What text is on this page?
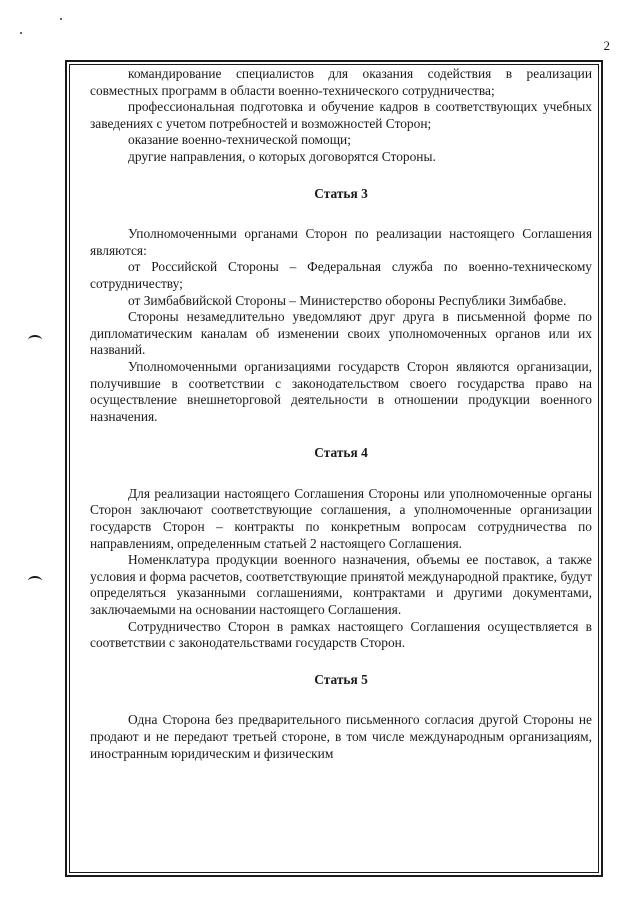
2

командирование специалистов для оказания содействия в реализации совместных программ в области военно-технического сотрудничества;

профессиональная подготовка и обучение кадров в соответствующих учебных заведениях с учетом потребностей и возможностей Сторон;

оказание военно-технической помощи;

другие направления, о которых договорятся Стороны.

Статья 3

Уполномоченными органами Сторон по реализации настоящего Соглашения являются:

от Российской Стороны – Федеральная служба по военно-техническому сотрудничеству;

от Зимбабвийской Стороны – Министерство обороны Республики Зимбабве.

Стороны незамедлительно уведомляют друг друга в письменной форме по дипломатическим каналам об изменении своих уполномоченных органов или их названий.

Уполномоченными организациями государств Сторон являются организации, получившие в соответствии с законодательством своего государства право на осуществление внешнеторговой деятельности в отношении продукции военного назначения.

Статья 4

Для реализации настоящего Соглашения Стороны или уполномоченные органы Сторон заключают соответствующие соглашения, а уполномоченные организации государств Сторон – контракты по конкретным вопросам сотрудничества по направлениям, определенным статьей 2 настоящего Соглашения.

Номенклатура продукции военного назначения, объемы ее поставок, а также условия и форма расчетов, соответствующие принятой международной практике, будут определяться указанными соглашениями, контрактами и другими документами, заключаемыми на основании настоящего Соглашения.

Сотрудничество Сторон в рамках настоящего Соглашения осуществляется в соответствии с законодательствами государств Сторон.

Статья 5

Одна Сторона без предварительного письменного согласия другой Стороны не продают и не передают третьей стороне, в том числе международным организациям, иностранным юридическим и физическим
